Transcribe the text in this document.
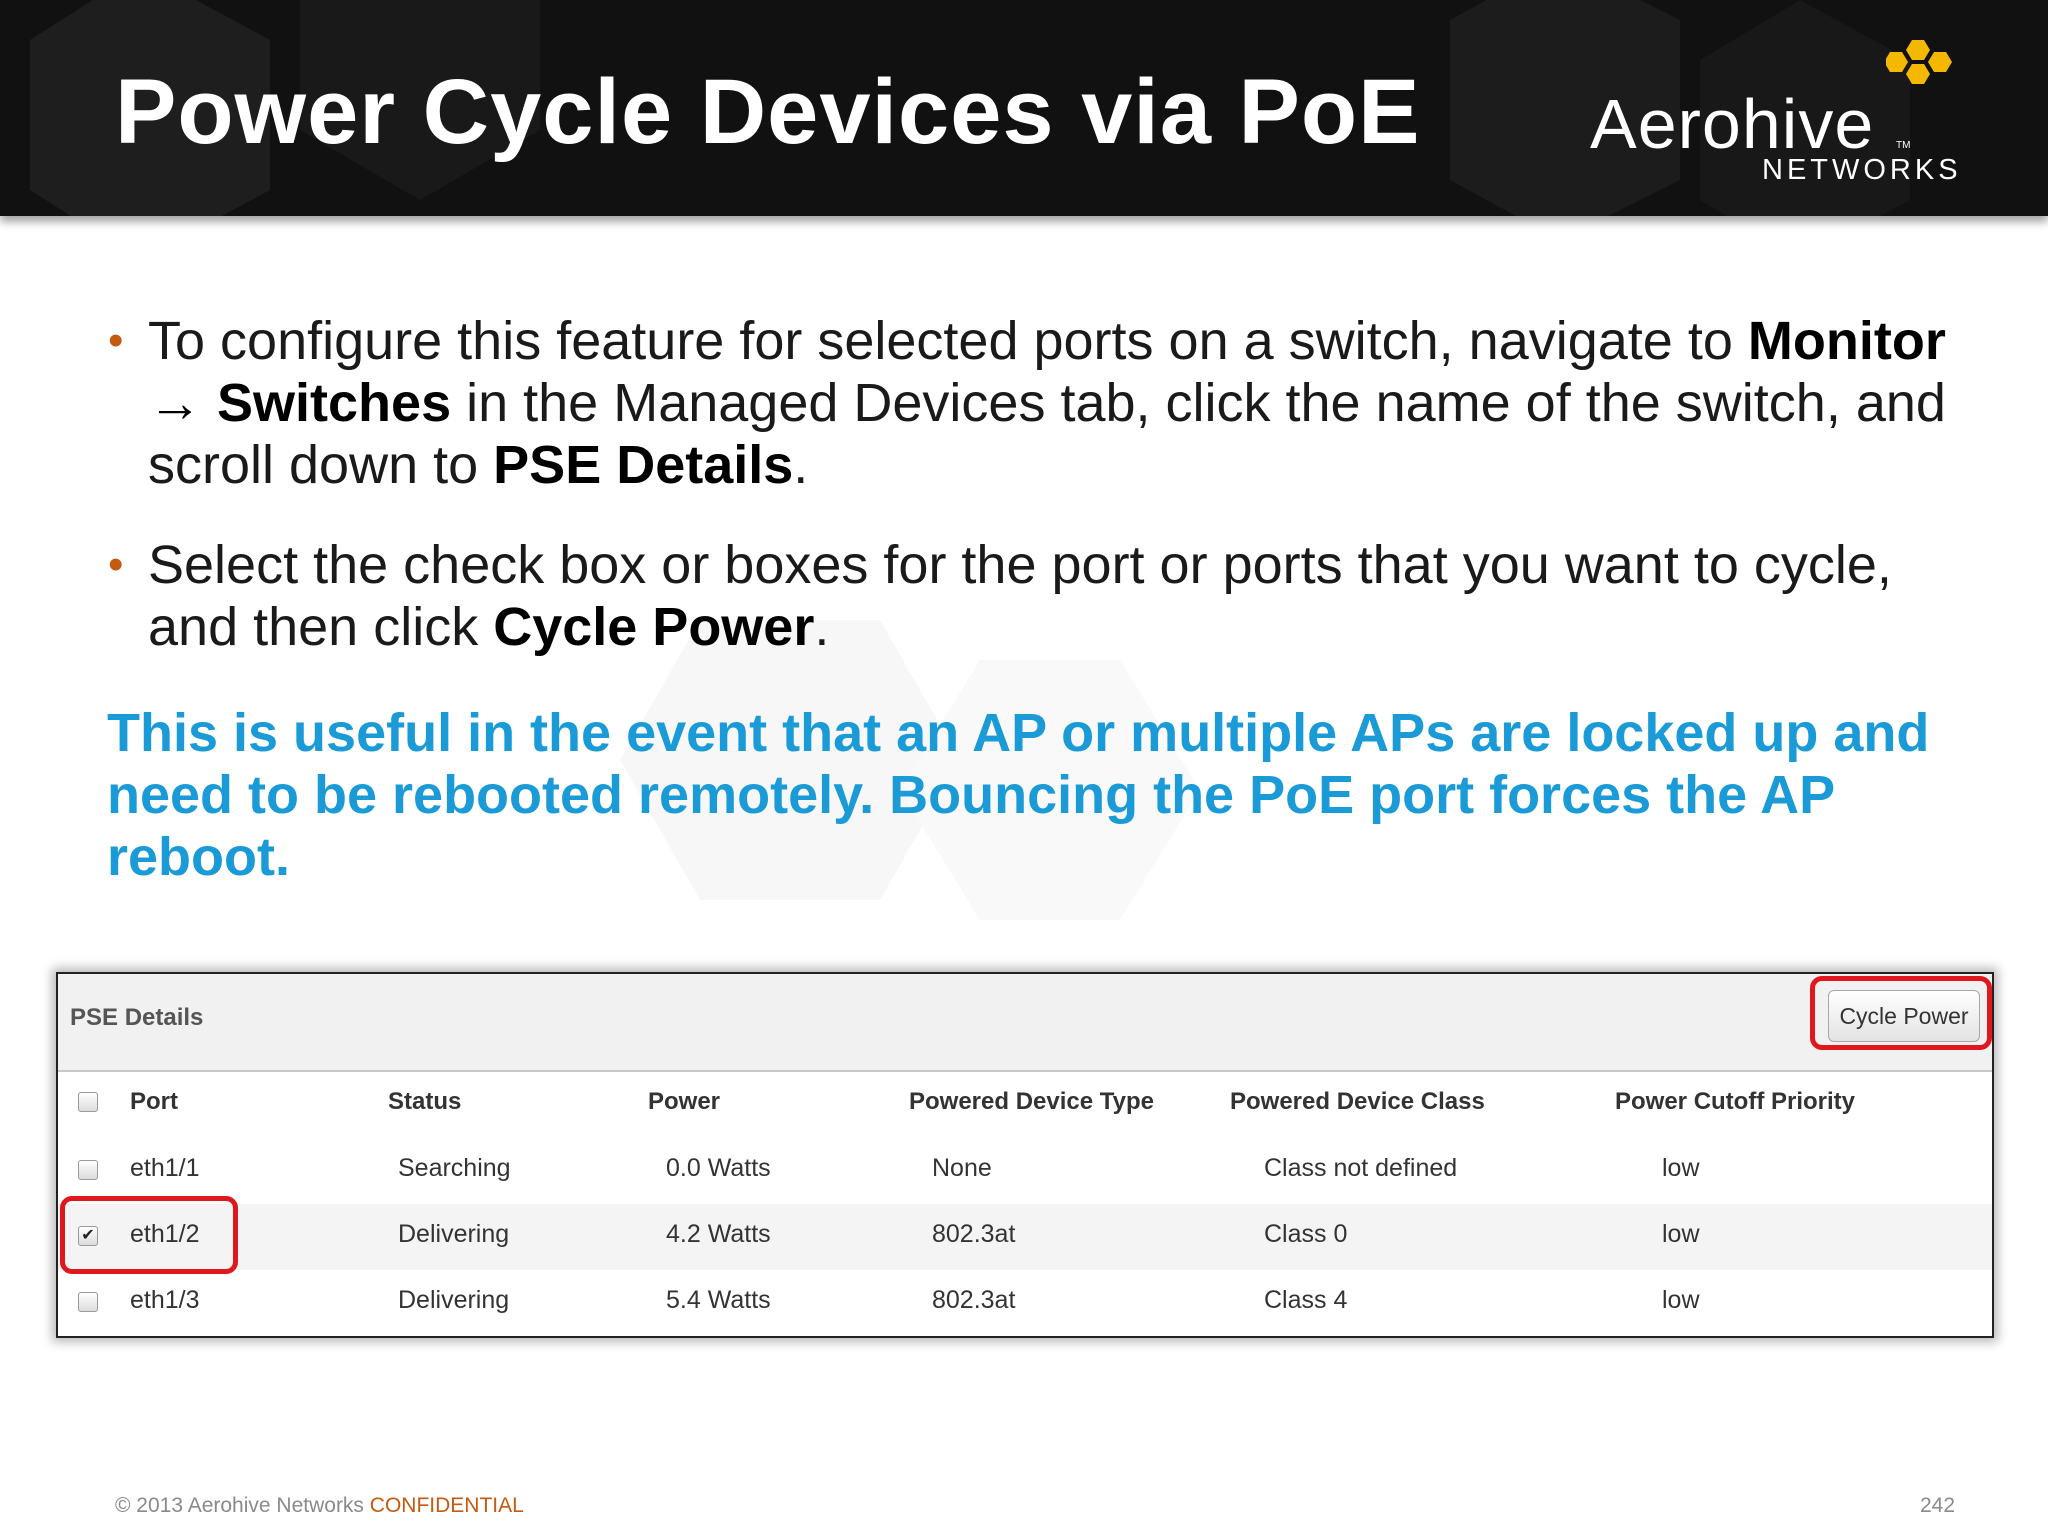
Power Cycle Devices via PoE Aerohive TM
NETWORKS
• To configure this feature for selected ports on a switch, navigate to Monitor → Switches in the Managed Devices tab, click the name of the switch, and scroll down to PSE Details.
• Select the check box or boxes for the port or ports that you want to cycle, and then click Cycle Power.
This is useful in the event that an AP or multiple APs are locked up and need to be rebooted remotely. Bouncing the PoE port forces the AP reboot.
PSE Details	Cycle Power
Port	Status	Power	Powered Device Type	Powered Device Class	Power Cutoff Priority
eth1/1	Searching	0.0 Watts	None	Class not defined	low
✔ eth1/2	Delivering	4.2 Watts	802.3at	Class 0	low
eth1/3	Delivering	5.4 Watts	802.3at	Class 4	low
© 2013 Aerohive Networks CONFIDENTIAL	242
